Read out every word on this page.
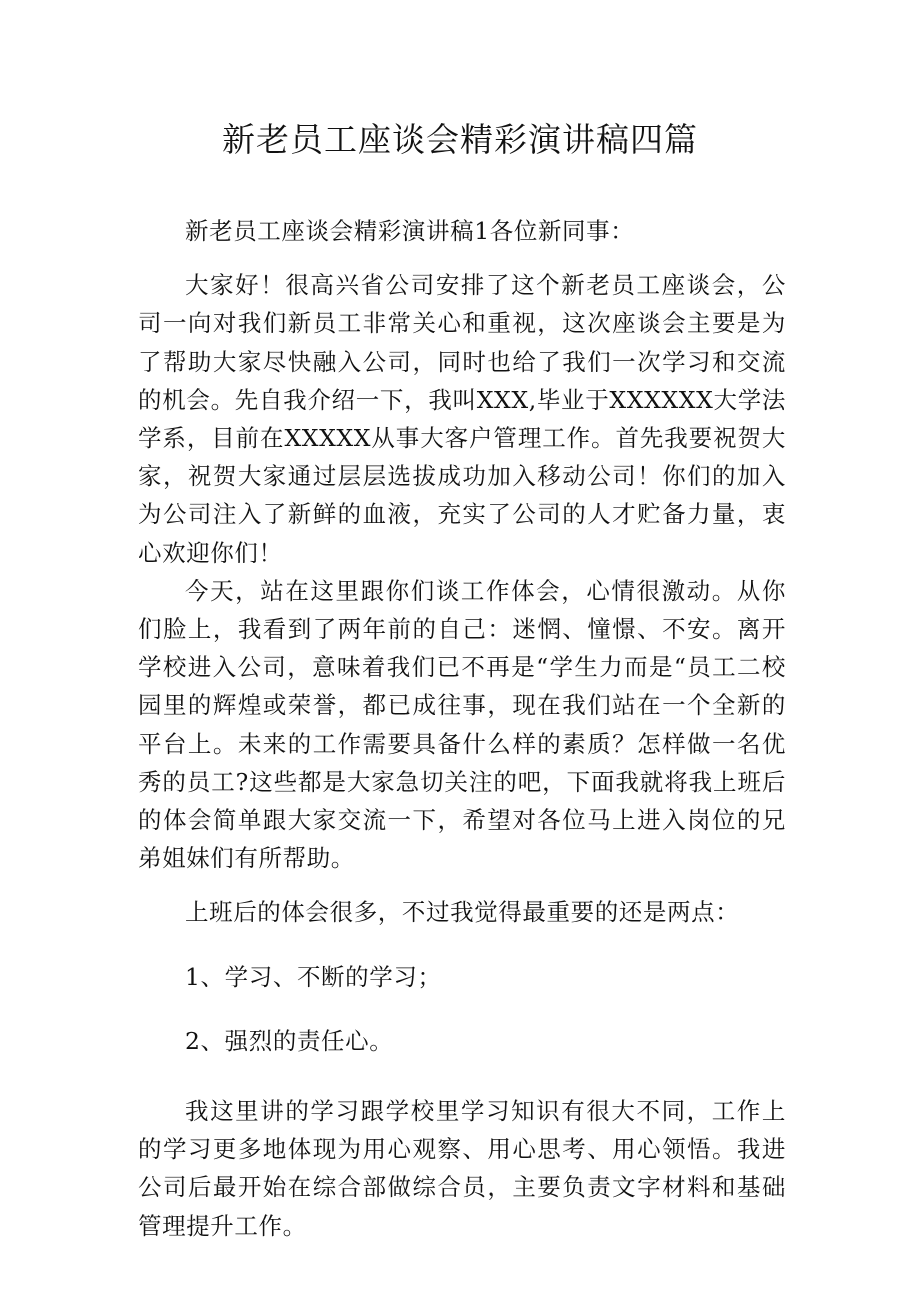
新老员工座谈会精彩演讲稿四篇

新老员工座谈会精彩演讲稿1各位新同事：

大家好！很高兴省公司安排了这个新老员工座谈会，公司一向对我们新员工非常关心和重视，这次座谈会主要是为了帮助大家尽快融入公司，同时也给了我们一次学习和交流的机会。先自我介绍一下，我叫XXX,毕业于XXXXXX大学法学系，目前在XXXXX从事大客户管理工作。首先我要祝贺大家，祝贺大家通过层层选拔成功加入移动公司！你们的加入为公司注入了新鲜的血液，充实了公司的人才贮备力量，衷心欢迎你们！

今天，站在这里跟你们谈工作体会，心情很激动。从你们脸上，我看到了两年前的自己：迷惘、憧憬、不安。离开学校进入公司，意味着我们已不再是“学生力而是“员工二校园里的辉煌或荣誉，都已成往事，现在我们站在一个全新的平台上。未来的工作需要具备什么样的素质？怎样做一名优秀的员工?这些都是大家急切关注的吧，下面我就将我上班后的体会简单跟大家交流一下，希望对各位马上进入岗位的兄弟姐妹们有所帮助。

上班后的体会很多，不过我觉得最重要的还是两点：

1、学习、不断的学习；

2、强烈的责任心。

我这里讲的学习跟学校里学习知识有很大不同，工作上的学习更多地体现为用心观察、用心思考、用心领悟。我进公司后最开始在综合部做综合员，主要负责文字材料和基础管理提升工作。
